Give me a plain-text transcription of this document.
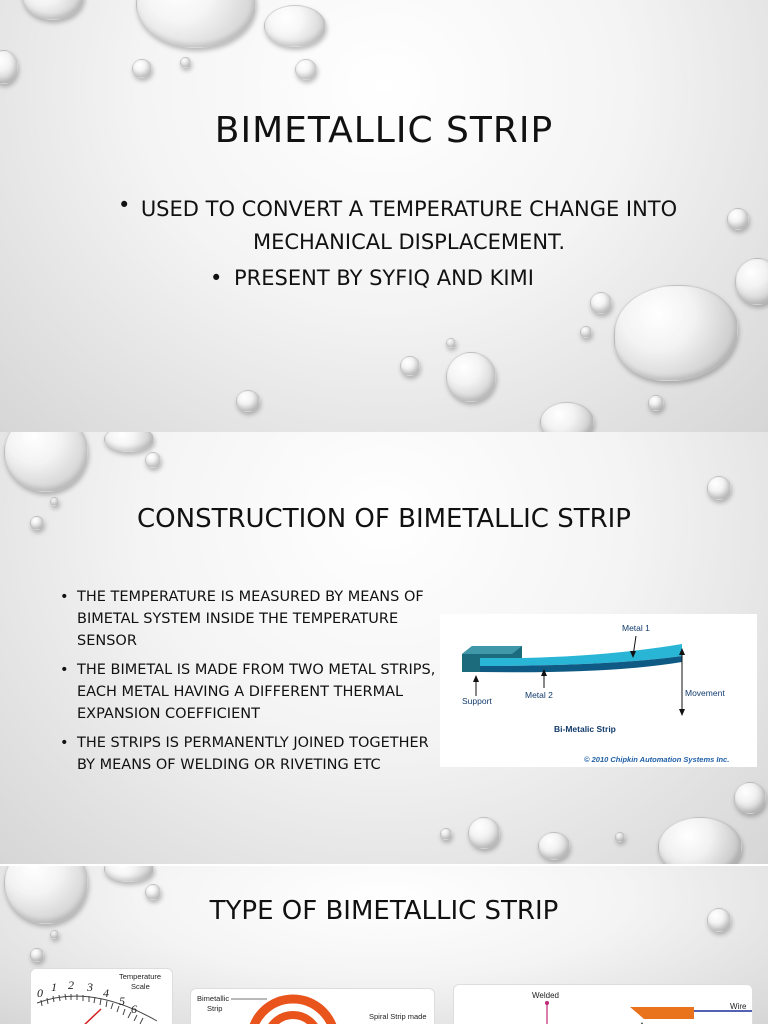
BIMETALLIC STRIP
• USED TO CONVERT A TEMPERATURE CHANGE INTO MECHANICAL DISPLACEMENT.
• PRESENT BY SYFIQ AND KIMI
CONSTRUCTION OF BIMETALLIC STRIP
• THE TEMPERATURE IS MEASURED BY MEANS OF BIMETAL SYSTEM INSIDE THE TEMPERATURE SENSOR
• THE BIMETAL IS MADE FROM TWO METAL STRIPS, EACH METAL HAVING A DIFFERENT THERMAL EXPANSION COEFFICIENT
• THE STRIPS IS PERMANENTLY JOINED TOGETHER BY MEANS OF WELDING OR RIVETING ETC
Metal 1
Support
Metal 2	Movement
Bi-Metalic Strip
© 2010 Chipkin Automation Systems Inc.
TYPE OF BIMETALLIC STRIP
0 1 2 3 4
5
6
Temperature
Scale
Bimetallic
Strip
Spiral Strip made
Welded
Wire
